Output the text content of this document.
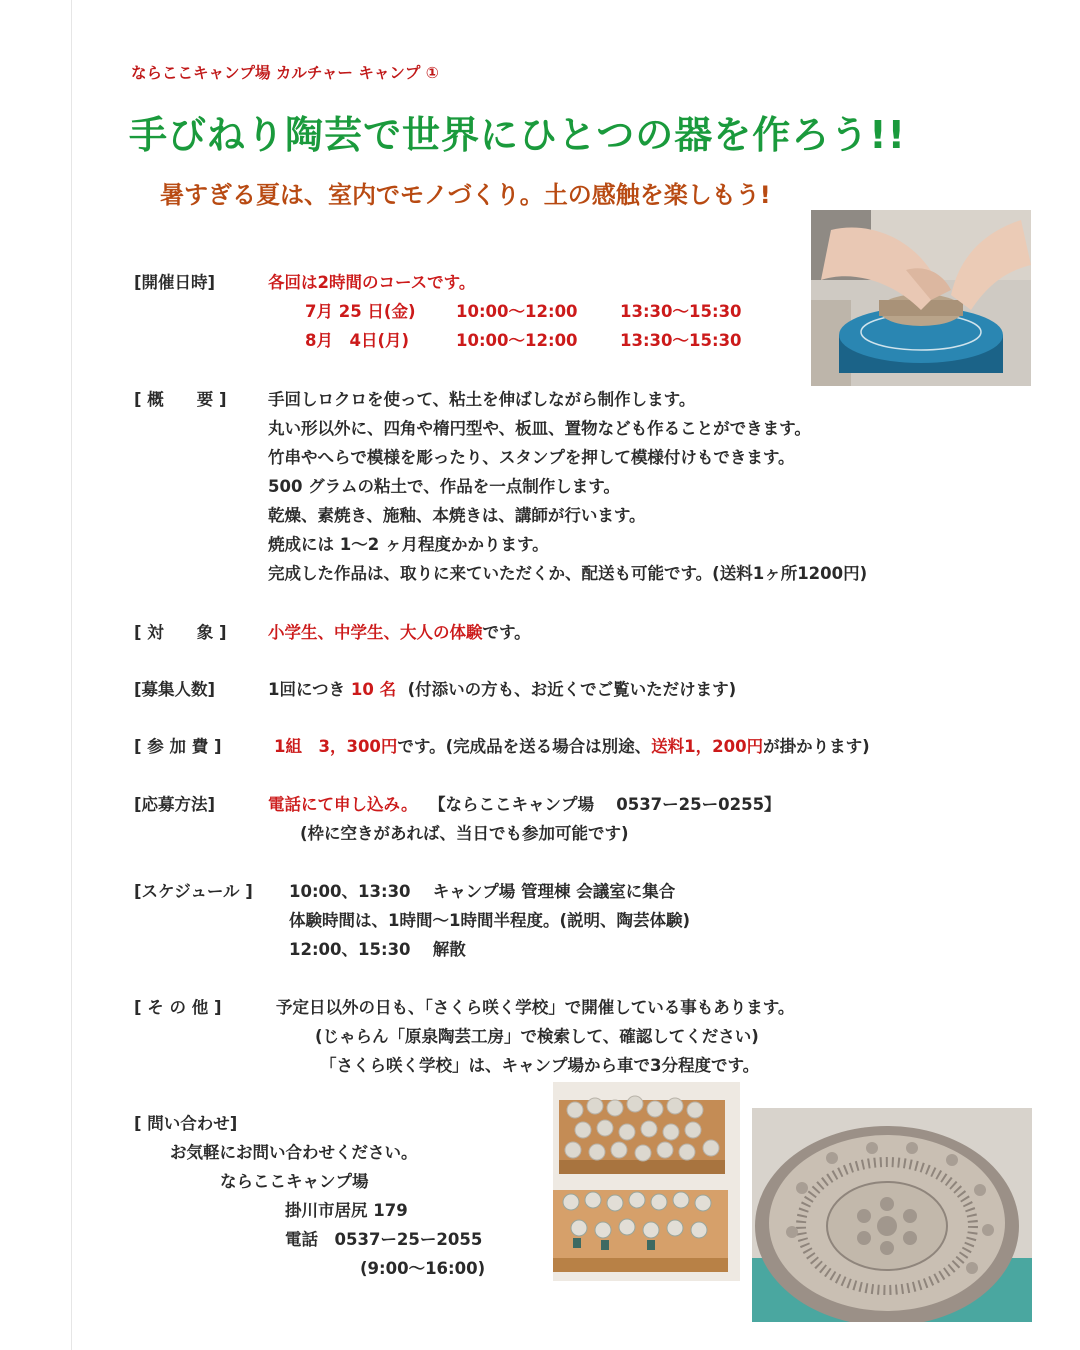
ならここキャンプ場 カルチャー キャンプ ①
手びねり陶芸で世界にひとつの器を作ろう!!
暑すぎる夏は、室内でモノづくり。土の感触を楽しもう!
[開催日時]	各回は2時間のコースです。
7月 25 日(金) 10:00～12:00	13:30～15:30
8月　4日(月)	10:00～12:00	13:30～15:30
[ 概　　要 ]	手回しロクロを使って、粘土を伸ばしながら制作します。
丸い形以外に、四角や楕円型や、板皿、置物なども作ることができます。
竹串やへらで模様を彫ったり、スタンプを押して模様付けもできます。
500 グラムの粘土で、作品を一点制作します。
乾燥、素焼き、施釉、本焼きは、講師が行います。
焼成には 1～2 ヶ月程度かかります。
完成した作品は、取りに来ていただくか、配送も可能です。(送料1ヶ所1200円)
[ 対　　象 ]	小学生、中学生、大人の体験です。
[募集人数]	1回につき 10 名 (付添いの方も、お近くでご覧いただけます)
[ 参 加 費 ]	1組　3，300円です。(完成品を送る場合は別途、送料1，200円が掛かります)
[応募方法]	電話にて申し込み。 【ならここキャンプ場　 0537ー25ー0255】
(枠に空きがあれば、当日でも参加可能です)
[スケジュール ] 10:00、13:30　 キャンプ場 管理棟 会議室に集合
体験時間は、1時間～1時間半程度。(説明、陶芸体験)
12:00、15:30　 解散
[ そ の 他 ]	予定日以外の日も、「さくら咲く学校」で開催している事もあります。
(じゃらん「原泉陶芸工房」で検索して、確認してください)
「さくら咲く学校」は、キャンプ場から車で3分程度です。
[ 問い合わせ]
お気軽にお問い合わせください。
ならここキャンプ場
掛川市居尻 179
電話　0537ー25ー2055
(9:00～16:00)
